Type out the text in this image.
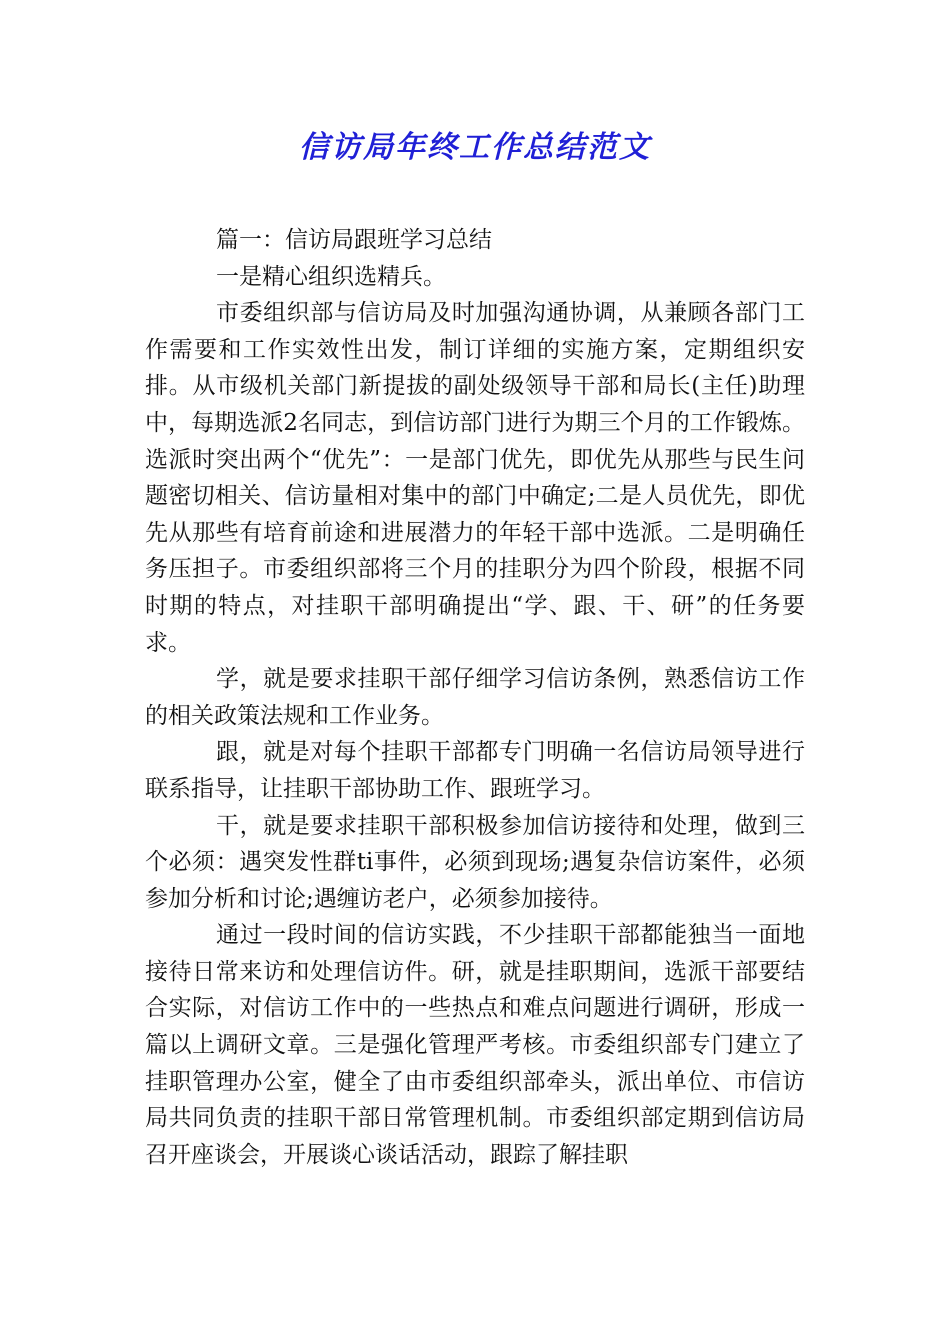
信访局年终工作总结范文

篇一：信访局跟班学习总结

一是精心组织选精兵。

市委组织部与信访局及时加强沟通协调，从兼顾各部门工作需要和工作实效性出发，制订详细的实施方案，定期组织安排。从市级机关部门新提拔的副处级领导干部和局长(主任)助理中，每期选派2名同志，到信访部门进行为期三个月的工作锻炼。选派时突出两个“优先”：一是部门优先，即优先从那些与民生问题密切相关、信访量相对集中的部门中确定;二是人员优先，即优先从那些有培育前途和进展潜力的年轻干部中选派。二是明确任务压担子。市委组织部将三个月的挂职分为四个阶段，根据不同时期的特点，对挂职干部明确提出“学、跟、干、研”的任务要求。

学，就是要求挂职干部仔细学习信访条例，熟悉信访工作的相关政策法规和工作业务。

跟，就是对每个挂职干部都专门明确一名信访局领导进行联系指导，让挂职干部协助工作、跟班学习。

干，就是要求挂职干部积极参加信访接待和处理，做到三个必须：遇突发性群ti事件，必须到现场;遇复杂信访案件，必须参加分析和讨论;遇缠访老户，必须参加接待。

通过一段时间的信访实践，不少挂职干部都能独当一面地接待日常来访和处理信访件。研，就是挂职期间，选派干部要结合实际，对信访工作中的一些热点和难点问题进行调研，形成一篇以上调研文章。三是强化管理严考核。市委组织部专门建立了挂职管理办公室，健全了由市委组织部牵头，派出单位、市信访局共同负责的挂职干部日常管理机制。市委组织部定期到信访局召开座谈会，开展谈心谈话活动，跟踪了解挂职
